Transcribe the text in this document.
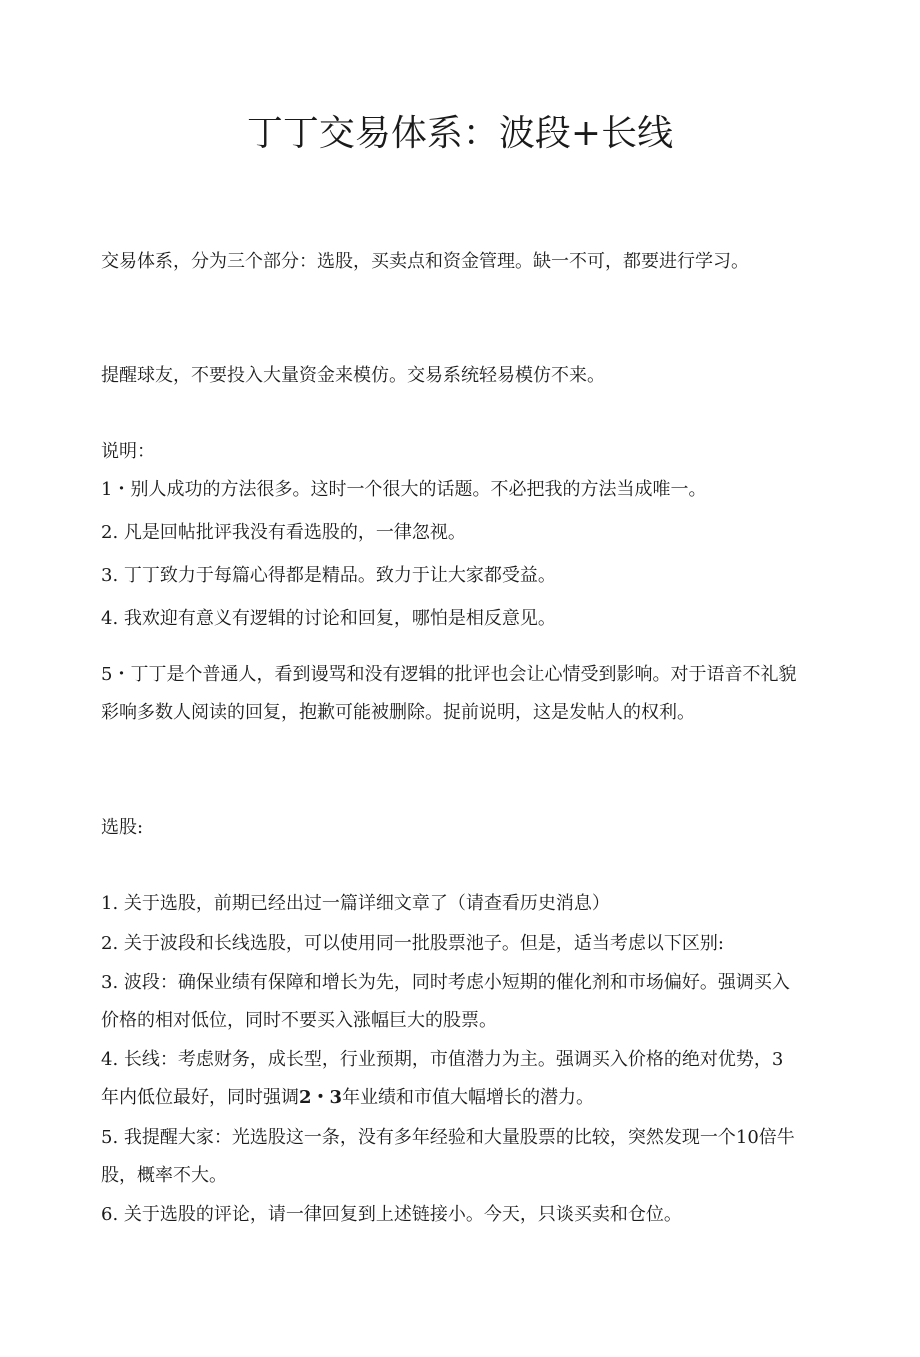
丁丁交易体系：波段+长线

交易体系，分为三个部分：选股，买卖点和资金管理。缺一不可，都要进行学习。

提醒球友，不要投入大量资金来模仿。交易系统轻易模仿不来。

说明：

1・别人成功的方法很多。这时一个很大的话题。不必把我的方法当成唯一。

2. 凡是回帖批评我没有看选股的，一律忽视。

3. 丁丁致力于每篇心得都是精品。致力于让大家都受益。

4. 我欢迎有意义有逻辑的讨论和回复，哪怕是相反意见。

5・丁丁是个普通人，看到谩骂和没有逻辑的批评也会让心情受到影响。对于语音不礼貌彩响多数人阅读的回复，抱歉可能被删除。捉前说明，这是发帖人的权利。

选股:

1. 关于选股，前期已经出过一篇详细文章了（请查看历史消息）

2. 关于波段和长线选股，可以使用同一批股票池子。但是，适当考虑以下区别:

3. 波段：确保业绩有保障和增长为先，同时考虑小短期的催化剂和市场偏好。强调买入价格的相对低位，同时不要买入涨幅巨大的股票。

4. 长线：考虑财务，成长型，行业预期，市值潜力为主。强调买入价格的绝对优势，3年内低位最好，同时强调2・3年业绩和市值大幅增长的潜力。

5. 我提醒大家：光选股这一条，没有多年经验和大量股票的比较，突然发现一个10倍牛股，概率不大。

6. 关于选股的评论，请一律回复到上述链接小。今天，只谈买卖和仓位。
